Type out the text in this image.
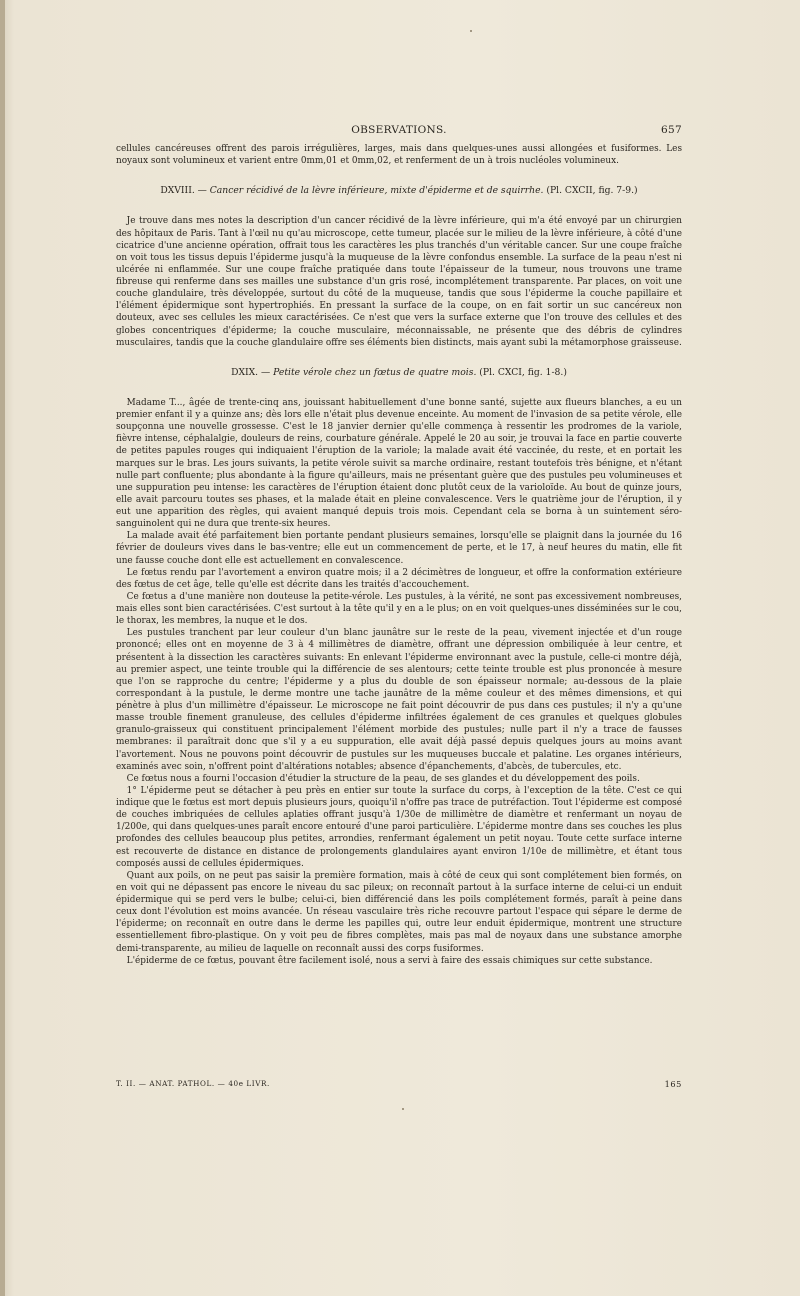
OBSERVATIONS.	657

cellules cancéreuses offrent des parois irrégulières, larges, mais dans quelques-unes aussi allongées et fusiformes. Les noyaux sont volumineux et varient entre 0mm,01 et 0mm,02, et renferment de un à trois nucléoles volumineux.

DXVIII. — Cancer récidivé de la lèvre inférieure, mixte d'épiderme et de squirrhe. (Pl. CXCII, fig. 7-9.)

Je trouve dans mes notes la description d'un cancer récidivé de la lèvre inférieure, qui m'a été envoyé par un chirurgien des hôpitaux de Paris. Tant à l'œil nu qu'au microscope, cette tumeur, placée sur le milieu de la lèvre inférieure, à côté d'une cicatrice d'une ancienne opération, offrait tous les caractères les plus tranchés d'un véritable cancer. Sur une coupe fraîche on voit tous les tissus depuis l'épiderme jusqu'à la muqueuse de la lèvre confondus ensemble. La surface de la peau n'est ni ulcérée ni enflammée. Sur une coupe fraîche pratiquée dans toute l'épaisseur de la tumeur, nous trouvons une trame fibreuse qui renferme dans ses mailles une substance d'un gris rosé, incomplétement transparente. Par places, on voit une couche glandulaire, très développée, surtout du côté de la muqueuse, tandis que sous l'épiderme la couche papillaire et l'élément épidermique sont hypertrophiés. En pressant la surface de la coupe, on en fait sortir un suc cancéreux non douteux, avec ses cellules les mieux caractérisées. Ce n'est que vers la surface externe que l'on trouve des cellules et des globes concentriques d'épiderme; la couche musculaire, méconnaissable, ne présente que des débris de cylindres musculaires, tandis que la couche glandulaire offre ses éléments bien distincts, mais ayant subi la métamorphose graisseuse.

DXIX. — Petite vérole chez un fœtus de quatre mois. (Pl. CXCI, fig. 1-8.)

Madame T..., âgée de trente-cinq ans, jouissant habituellement d'une bonne santé, sujette aux flueurs blanches, a eu un premier enfant il y a quinze ans; dès lors elle n'était plus devenue enceinte. Au moment de l'invasion de sa petite vérole, elle soupçonna une nouvelle grossesse. C'est le 18 janvier dernier qu'elle commença à ressentir les prodromes de la variole, fièvre intense, céphalalgie, douleurs de reins, courbature générale. Appelé le 20 au soir, je trouvai la face en partie couverte de petites papules rouges qui indiquaient l'éruption de la variole; la malade avait été vaccinée, du reste, et en portait les marques sur le bras. Les jours suivants, la petite vérole suivit sa marche ordinaire, restant toutefois très bénigne, et n'étant nulle part confluente; plus abondante à la figure qu'ailleurs, mais ne présentant guère que des pustules peu volumineuses et une suppuration peu intense: les caractères de l'éruption étaient donc plutôt ceux de la varioloïde. Au bout de quinze jours, elle avait parcouru toutes ses phases, et la malade était en pleine convalescence. Vers le quatrième jour de l'éruption, il y eut une apparition des règles, qui avaient manqué depuis trois mois. Cependant cela se borna à un suintement séro-sanguinolent qui ne dura que trente-six heures.

La malade avait été parfaitement bien portante pendant plusieurs semaines, lorsqu'elle se plaignit dans la journée du 16 février de douleurs vives dans le bas-ventre; elle eut un commencement de perte, et le 17, à neuf heures du matin, elle fit une fausse couche dont elle est actuellement en convalescence.

Le fœtus rendu par l'avortement a environ quatre mois; il a 2 décimètres de longueur, et offre la conformation extérieure des fœtus de cet âge, telle qu'elle est décrite dans les traités d'accouchement.

Ce fœtus a d'une manière non douteuse la petite-vérole. Les pustules, à la vérité, ne sont pas excessivement nombreuses, mais elles sont bien caractérisées. C'est surtout à la tête qu'il y en a le plus; on en voit quelques-unes disséminées sur le cou, le thorax, les membres, la nuque et le dos.

Les pustules tranchent par leur couleur d'un blanc jaunâtre sur le reste de la peau, vivement injectée et d'un rouge prononcé; elles ont en moyenne de 3 à 4 millimètres de diamètre, offrant une dépression ombiliquée à leur centre, et présentent à la dissection les caractères suivants: En enlevant l'épiderme environnant avec la pustule, celle-ci montre déjà, au premier aspect, une teinte trouble qui la différencie de ses alentours; cette teinte trouble est plus prononcée à mesure que l'on se rapproche du centre; l'épiderme y a plus du double de son épaisseur normale; au-dessous de la plaie correspondant à la pustule, le derme montre une tache jaunâtre de la même couleur et des mêmes dimensions, et qui pénètre à plus d'un millimètre d'épaisseur. Le microscope ne fait point découvrir de pus dans ces pustules; il n'y a qu'une masse trouble finement granuleuse, des cellules d'épiderme infiltrées également de ces granules et quelques globules granulo-graisseux qui constituent principalement l'élément morbide des pustules; nulle part il n'y a trace de fausses membranes: il paraîtrait donc que s'il y a eu suppuration, elle avait déjà passé depuis quelques jours au moins avant l'avortement. Nous ne pouvons point découvrir de pustules sur les muqueuses buccale et palatine. Les organes intérieurs, examinés avec soin, n'offrent point d'altérations notables; absence d'épanchements, d'abcès, de tubercules, etc.

Ce fœtus nous a fourni l'occasion d'étudier la structure de la peau, de ses glandes et du développement des poils.

1° L'épiderme peut se détacher à peu près en entier sur toute la surface du corps, à l'exception de la tête. C'est ce qui indique que le fœtus est mort depuis plusieurs jours, quoiqu'il n'offre pas trace de putréfaction. Tout l'épiderme est composé de couches imbriquées de cellules aplaties offrant jusqu'à 1/30e de millimètre de diamètre et renfermant un noyau de 1/200e, qui dans quelques-unes paraît encore entouré d'une paroi particulière. L'épiderme montre dans ses couches les plus profondes des cellules beaucoup plus petites, arrondies, renfermant également un petit noyau. Toute cette surface interne est recouverte de distance en distance de prolongements glandulaires ayant environ 1/10e de millimètre, et étant tous composés aussi de cellules épidermiques.

Quant aux poils, on ne peut pas saisir la première formation, mais à côté de ceux qui sont complétement bien formés, on en voit qui ne dépassent pas encore le niveau du sac pileux; on reconnaît partout à la surface interne de celui-ci un enduit épidermique qui se perd vers le bulbe; celui-ci, bien différencié dans les poils complétement formés, paraît à peine dans ceux dont l'évolution est moins avancée. Un réseau vasculaire très riche recouvre partout l'espace qui sépare le derme de l'épiderme; on reconnaît en outre dans le derme les papilles qui, outre leur enduit épidermique, montrent une structure essentiellement fibro-plastique. On y voit peu de fibres complètes, mais pas mal de noyaux dans une substance amorphe demi-transparente, au milieu de laquelle on reconnaît aussi des corps fusiformes.

L'épiderme de ce fœtus, pouvant être facilement isolé, nous a servi à faire des essais chimiques sur cette substance.

T. II. — ANAT. PATHOL. — 40e LIVR.	165
